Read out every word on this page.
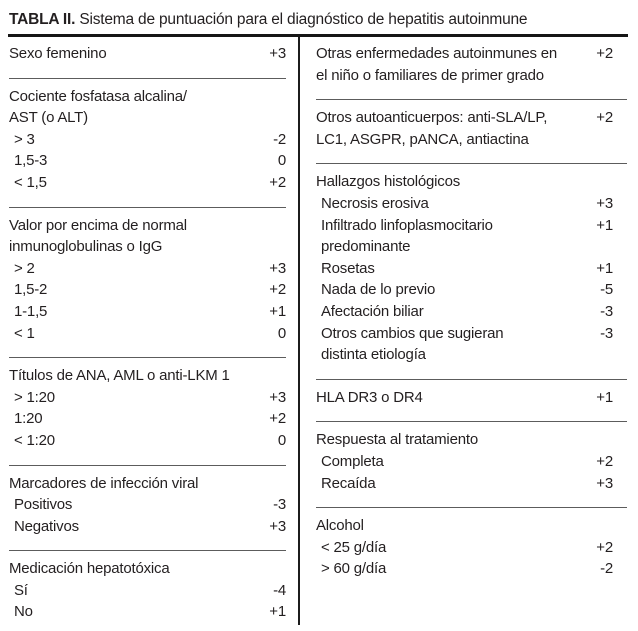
TABLA II. Sistema de puntuación para el diagnóstico de hepatitis autoinmune
Sexo femenino	+3
Cociente fosfatasa alcalina/
AST (o ALT)
> 3	-2
1,5-3	0
< 1,5	+2
Valor por encima de normal
inmunoglobulinas o IgG
> 2	+3
1,5-2	+2
1-1,5	+1
< 1	0
Títulos de ANA, AML o anti-LKM 1
> 1:20	+3
1:20	+2
< 1:20	0
Marcadores de infección viral
Positivos	-3
Negativos	+3
Medicación hepatotóxica
Sí	-4
No	+1
Otras enfermedades autoinmunes en	+2
el niño o familiares de primer grado
Otros autoanticuerpos: anti-SLA/LP,	+2
LC1, ASGPR, pANCA, antiactina
Hallazgos histológicos
Necrosis erosiva	+3
Infiltrado linfoplasmocitario	+1
predominante
Rosetas	+1
Nada de lo previo	-5
Afectación biliar	-3
Otros cambios que sugieran	-3
distinta etiología
HLA DR3 o DR4	+1
Respuesta al tratamiento
Completa	+2
Recaída	+3
Alcohol
< 25 g/día	+2
> 60 g/día	-2
